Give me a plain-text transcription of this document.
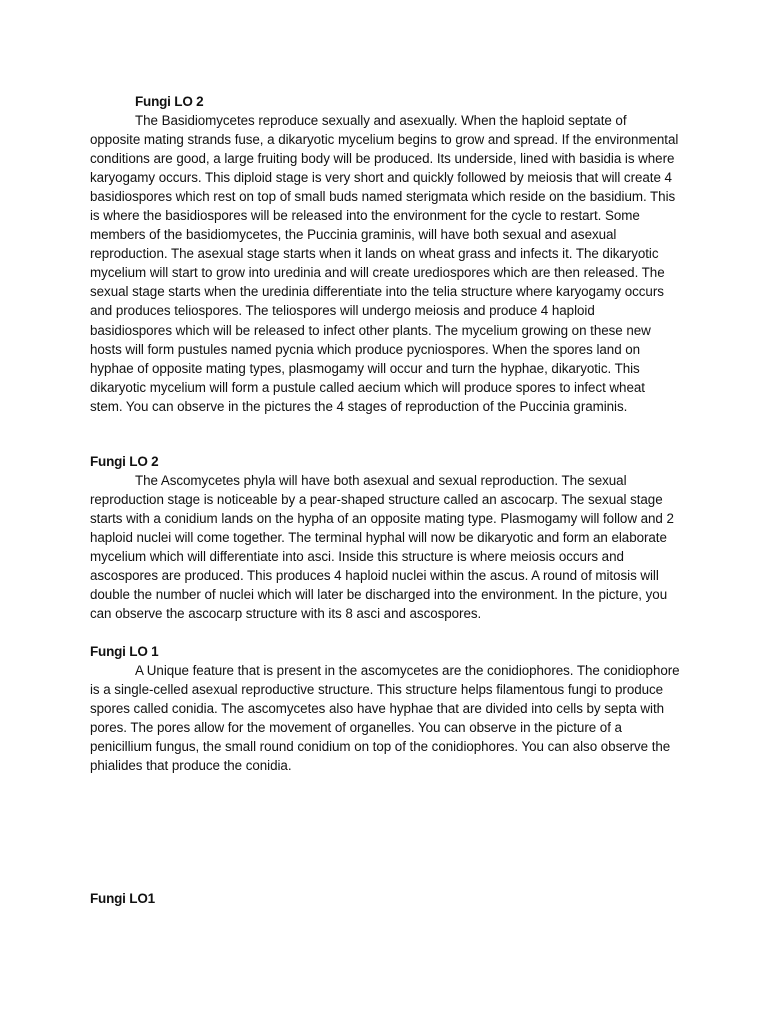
Fungi LO 2

The Basidiomycetes reproduce sexually and asexually. When the haploid septate of opposite mating strands fuse, a dikaryotic mycelium begins to grow and spread. If the environmental conditions are good, a large fruiting body will be produced. Its underside, lined with basidia is where karyogamy occurs. This diploid stage is very short and quickly followed by meiosis that will create 4 basidiospores which rest on top of small buds named sterigmata which reside on the basidium. This is where the basidiospores will be released into the environment for the cycle to restart. Some members of the basidiomycetes, the Puccinia graminis, will have both sexual and asexual reproduction. The asexual stage starts when it lands on wheat grass and infects it. The dikaryotic mycelium will start to grow into uredinia and will create urediospores which are then released. The sexual stage starts when the uredinia differentiate into the telia structure where karyogamy occurs and produces teliospores. The teliospores will undergo meiosis and produce 4 haploid basidiospores which will be released to infect other plants. The mycelium growing on these new hosts will form pustules named pycnia which produce pycniospores. When the spores land on hyphae of opposite mating types, plasmogamy will occur and turn the hyphae, dikaryotic. This dikaryotic mycelium will form a pustule called aecium which will produce spores to infect wheat stem. You can observe in the pictures the 4 stages of reproduction of the Puccinia graminis.

Fungi LO 2

The Ascomycetes phyla will have both asexual and sexual reproduction. The sexual reproduction stage is noticeable by a pear-shaped structure called an ascocarp. The sexual stage starts with a conidium lands on the hypha of an opposite mating type. Plasmogamy will follow and 2 haploid nuclei will come together. The terminal hyphal will now be dikaryotic and form an elaborate mycelium which will differentiate into asci. Inside this structure is where meiosis occurs and ascospores are produced. This produces 4 haploid nuclei within the ascus. A round of mitosis will double the number of nuclei which will later be discharged into the environment. In the picture, you can observe the ascocarp structure with its 8 asci and ascospores.

Fungi LO 1

A Unique feature that is present in the ascomycetes are the conidiophores. The conidiophore is a single-celled asexual reproductive structure. This structure helps filamentous fungi to produce spores called conidia. The ascomycetes also have hyphae that are divided into cells by septa with pores. The pores allow for the movement of organelles. You can observe in the picture of a penicillium fungus, the small round conidium on top of the conidiophores. You can also observe the phialides that produce the conidia.

Fungi LO1
